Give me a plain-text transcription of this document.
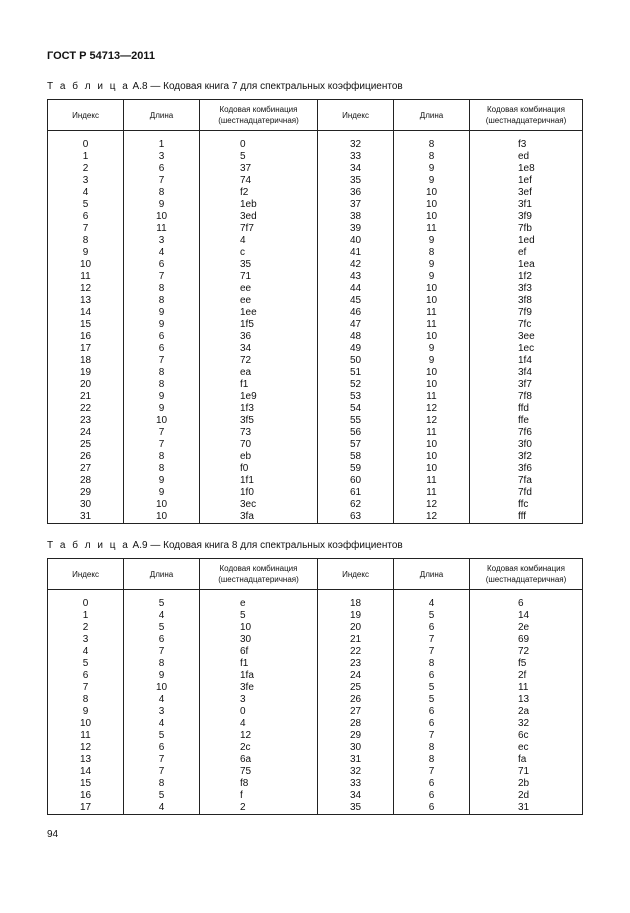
ГОСТ Р 54713—2011
Т а б л и ц а A.8 — Кодовая книга 7 для спектральных коэффициентов
Индекс	Длина	Кодовая комбинация (шестнадцатеричная)	Индекс	Длина	Кодовая комбинация (шестнадцатеричная)

0	1	0	32	8	f3
1	3	5	33	8	ed
2	6	37	34	9	1e8
3	7	74	35	9	1ef
4	8	f2	36	10	3ef
5	9	1eb	37	10	3f1
6	10	3ed	38	10	3f9
7	11	7f7	39	11	7fb
8	3	4	40	9	1ed
9	4	c	41	8	ef
10	6	35	42	9	1ea
11	7	71	43	9	1f2
12	8	ee	44	10	3f3
13	8	ee	45	10	3f8
14	9	1ee	46	11	7f9
15	9	1f5	47	11	7fc
16	6	36	48	10	3ee
17	6	34	49	9	1ec
18	7	72	50	9	1f4
19	8	ea	51	10	3f4
20	8	f1	52	10	3f7
21	9	1e9	53	11	7f8
22	9	1f3	54	12	ffd
23	10	3f5	55	12	ffe
24	7	73	56	11	7f6
25	7	70	57	10	3f0
26	8	eb	58	10	3f2
27	8	f0	59	10	3f6
28	9	1f1	60	11	7fa
29	9	1f0	61	11	7fd
30	10	3ec	62	12	ffc
31	10	3fa	63	12	fff
Т а б л и ц а A.9 — Кодовая книга 8 для спектральных коэффициентов
Индекс	Длина	Кодовая комбинация (шестнадцатеричная)	Индекс	Длина	Кодовая комбинация (шестнадцатеричная)

0	5	e	18	4	6
1	4	5	19	5	14
2	5	10	20	6	2e
3	6	30	21	7	69
4	7	6f	22	7	72
5	8	f1	23	8	f5
6	9	1fa	24	6	2f
7	10	3fe	25	5	11
8	4	3	26	5	13
9	3	0	27	6	2a
10	4	4	28	6	32
11	5	12	29	7	6c
12	6	2c	30	8	ec
13	7	6a	31	8	fa
14	7	75	32	7	71
15	8	f8	33	6	2b
16	5	f	34	6	2d
17	4	2	35	6	31
94
